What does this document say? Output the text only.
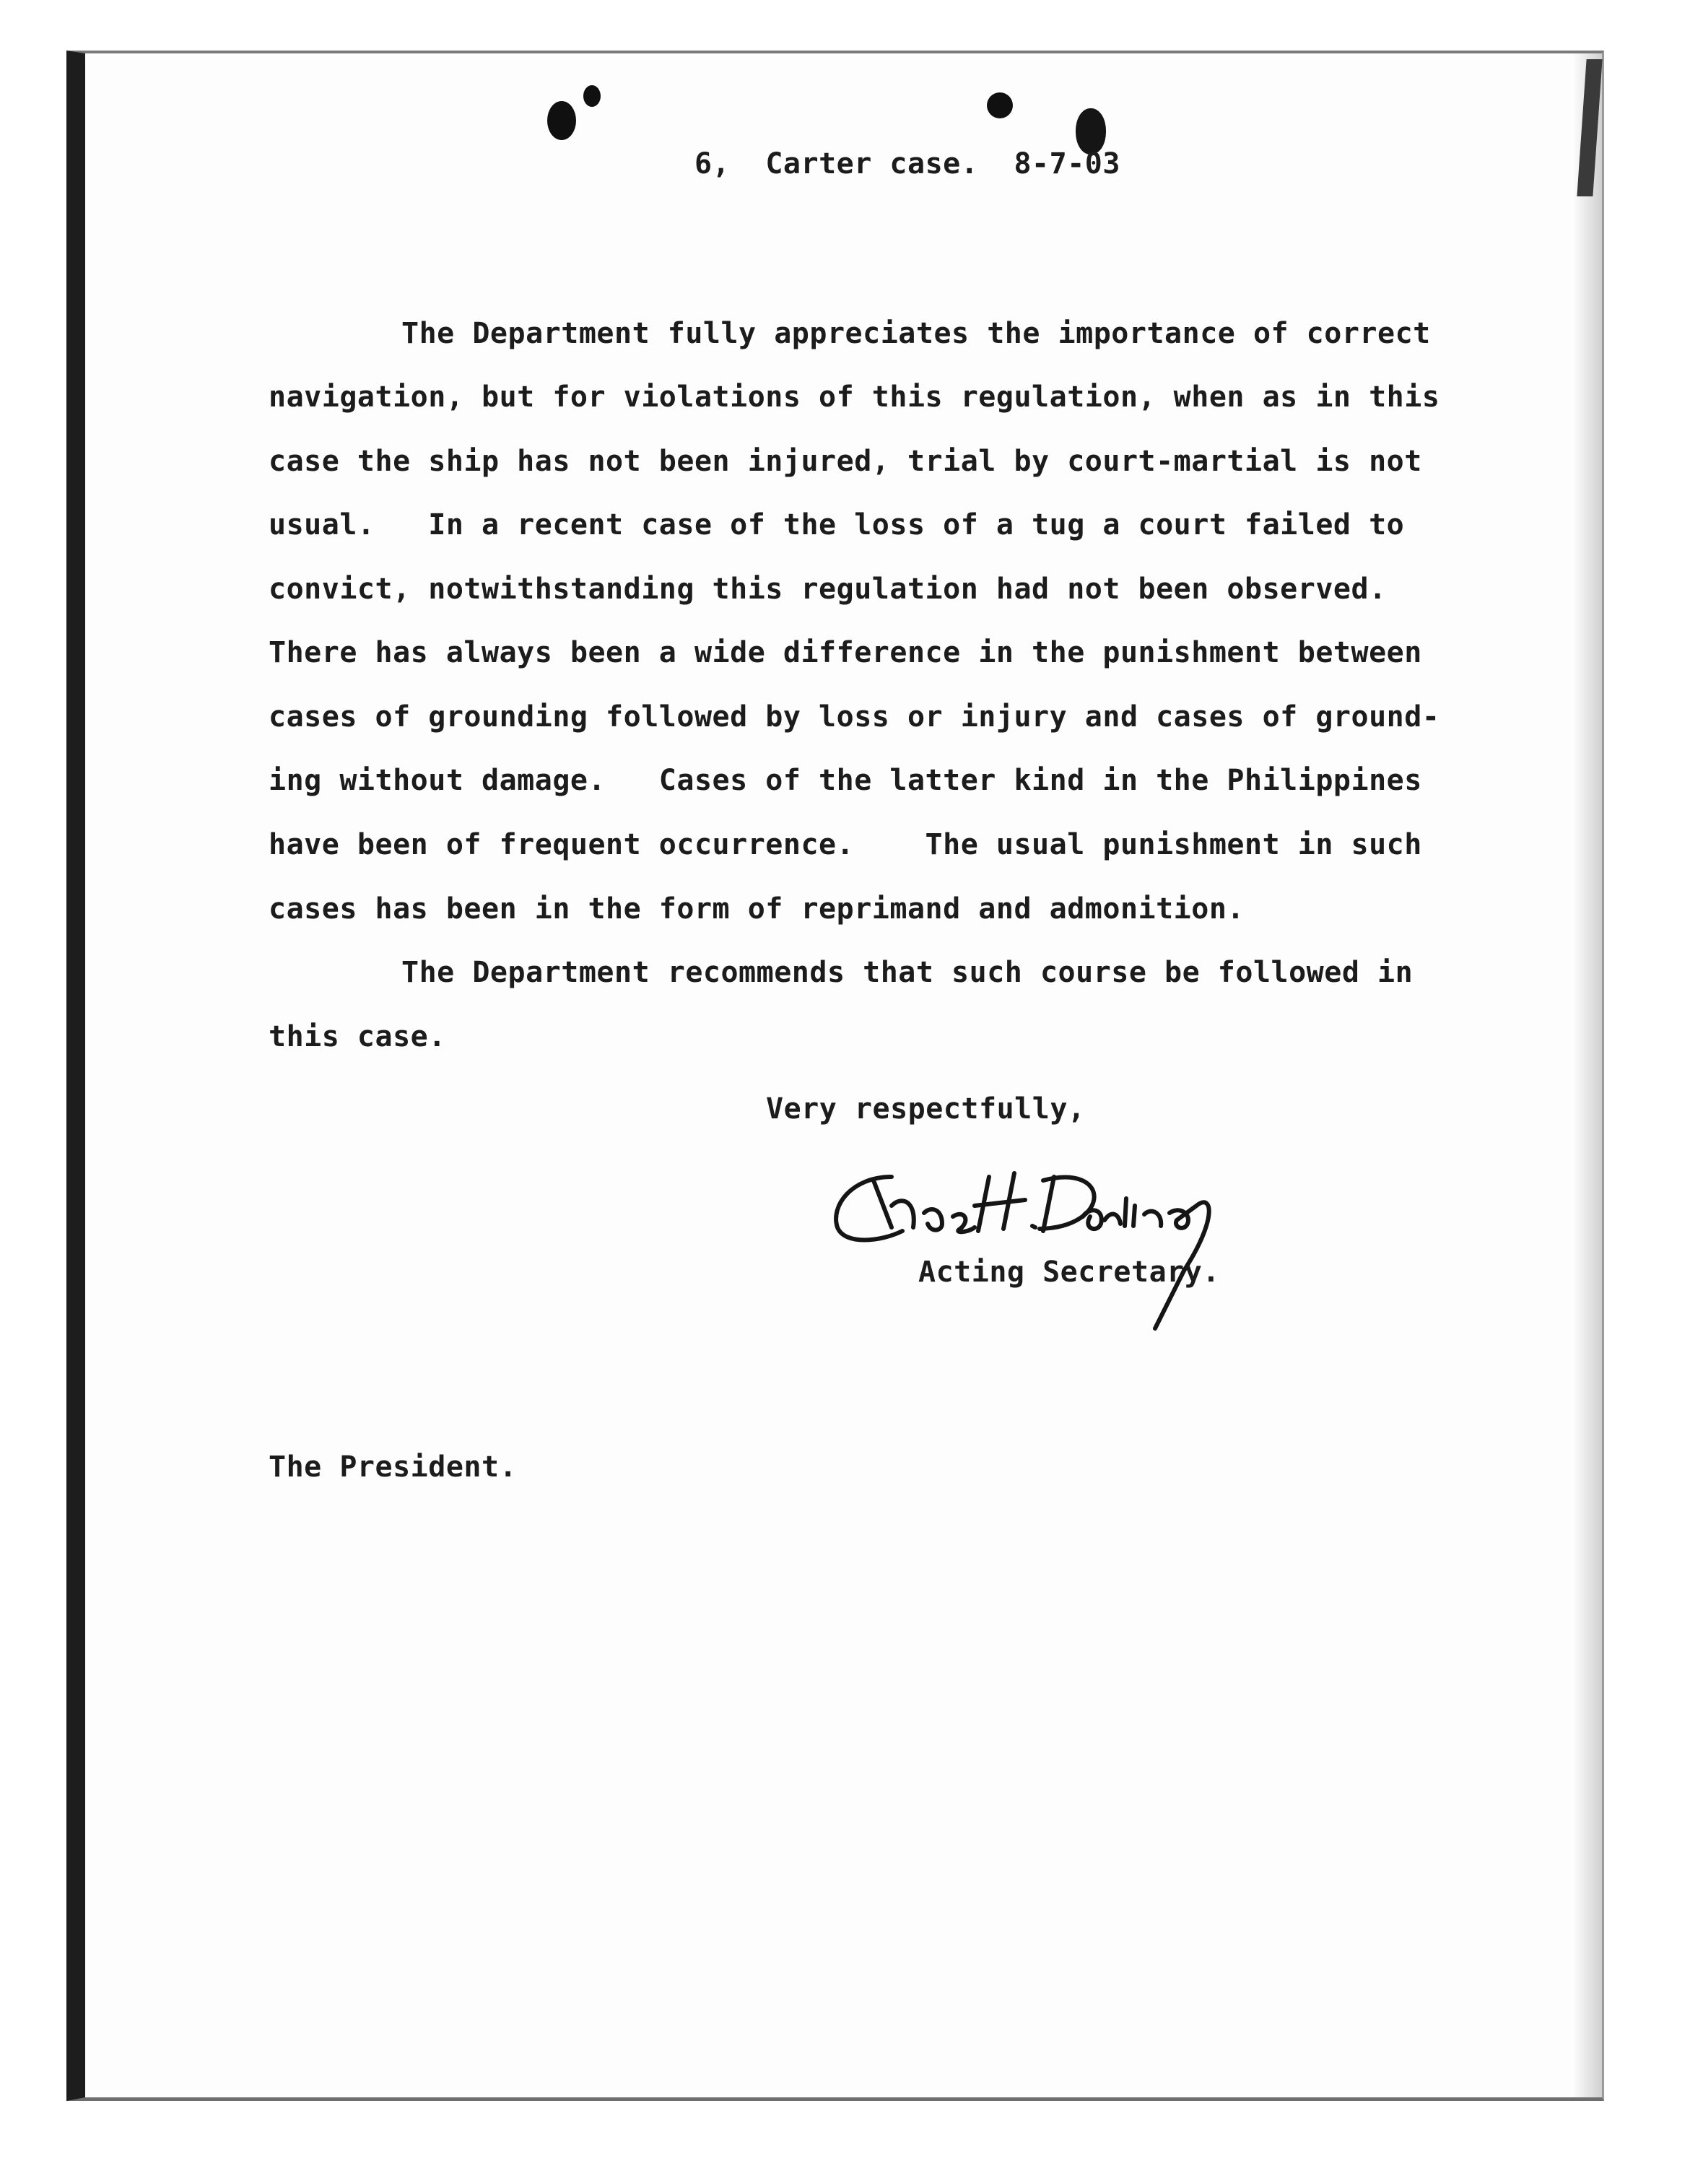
6,  Carter case.  8-7-03
The Department fully appreciates the importance of correct
navigation, but for violations of this regulation, when as in this
case the ship has not been injured, trial by court-martial is not
usual.   In a recent case of the loss of a tug a court failed to
convict, notwithstanding this regulation had not been observed.
There has always been a wide difference in the punishment between
cases of grounding followed by loss or injury and cases of ground-
ing without damage.   Cases of the latter kind in the Philippines
have been of frequent occurrence.    The usual punishment in such
cases has been in the form of reprimand and admonition.
The Department recommends that such course be followed in
this case.
Very respectfully,
Acting Secretary.
The President.
